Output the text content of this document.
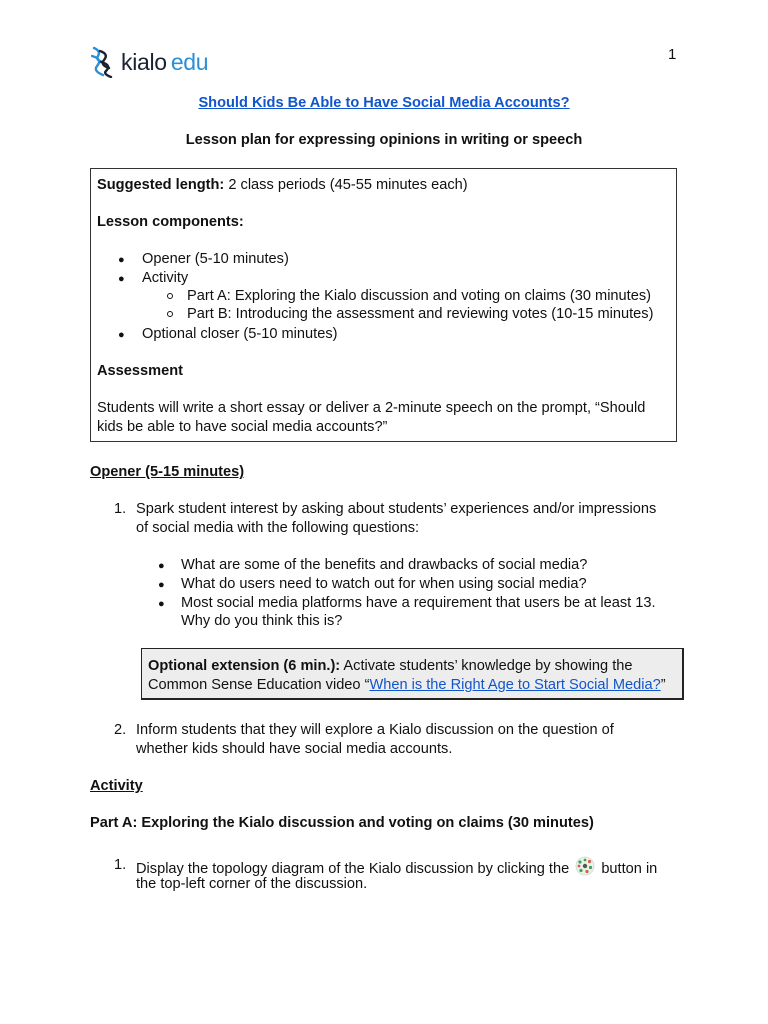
kialo edu	1
Should Kids Be Able to Have Social Media Accounts?
Lesson plan for expressing opinions in writing or speech
Suggested length: 2 class periods (45-55 minutes each)
Lesson components:
● Opener (5-10 minutes)
● Activity
Part A: Exploring the Kialo discussion and voting on claims (30 minutes)
Part B: Introducing the assessment and reviewing votes (10-15 minutes)
● Optional closer (5-10 minutes)
Assessment
Students will write a short essay or deliver a 2-minute speech on the prompt, “Should
kids be able to have social media accounts?”
Opener (5-15 minutes)
1. Spark student interest by asking about students’ experiences and/or impressions
of social media with the following questions:
● What are some of the benefits and drawbacks of social media?
● What do users need to watch out for when using social media?
● Most social media platforms have a requirement that users be at least 13.
Why do you think this is?
Optional extension (6 min.): Activate students’ knowledge by showing the
Common Sense Education video “When is the Right Age to Start Social Media?”
2. Inform students that they will explore a Kialo discussion on the question of
whether kids should have social media accounts.
Activity
Part A: Exploring the Kialo discussion and voting on claims (30 minutes)
1. Display the topology diagram of the Kialo discussion by clicking the button in
the top-left corner of the discussion.
